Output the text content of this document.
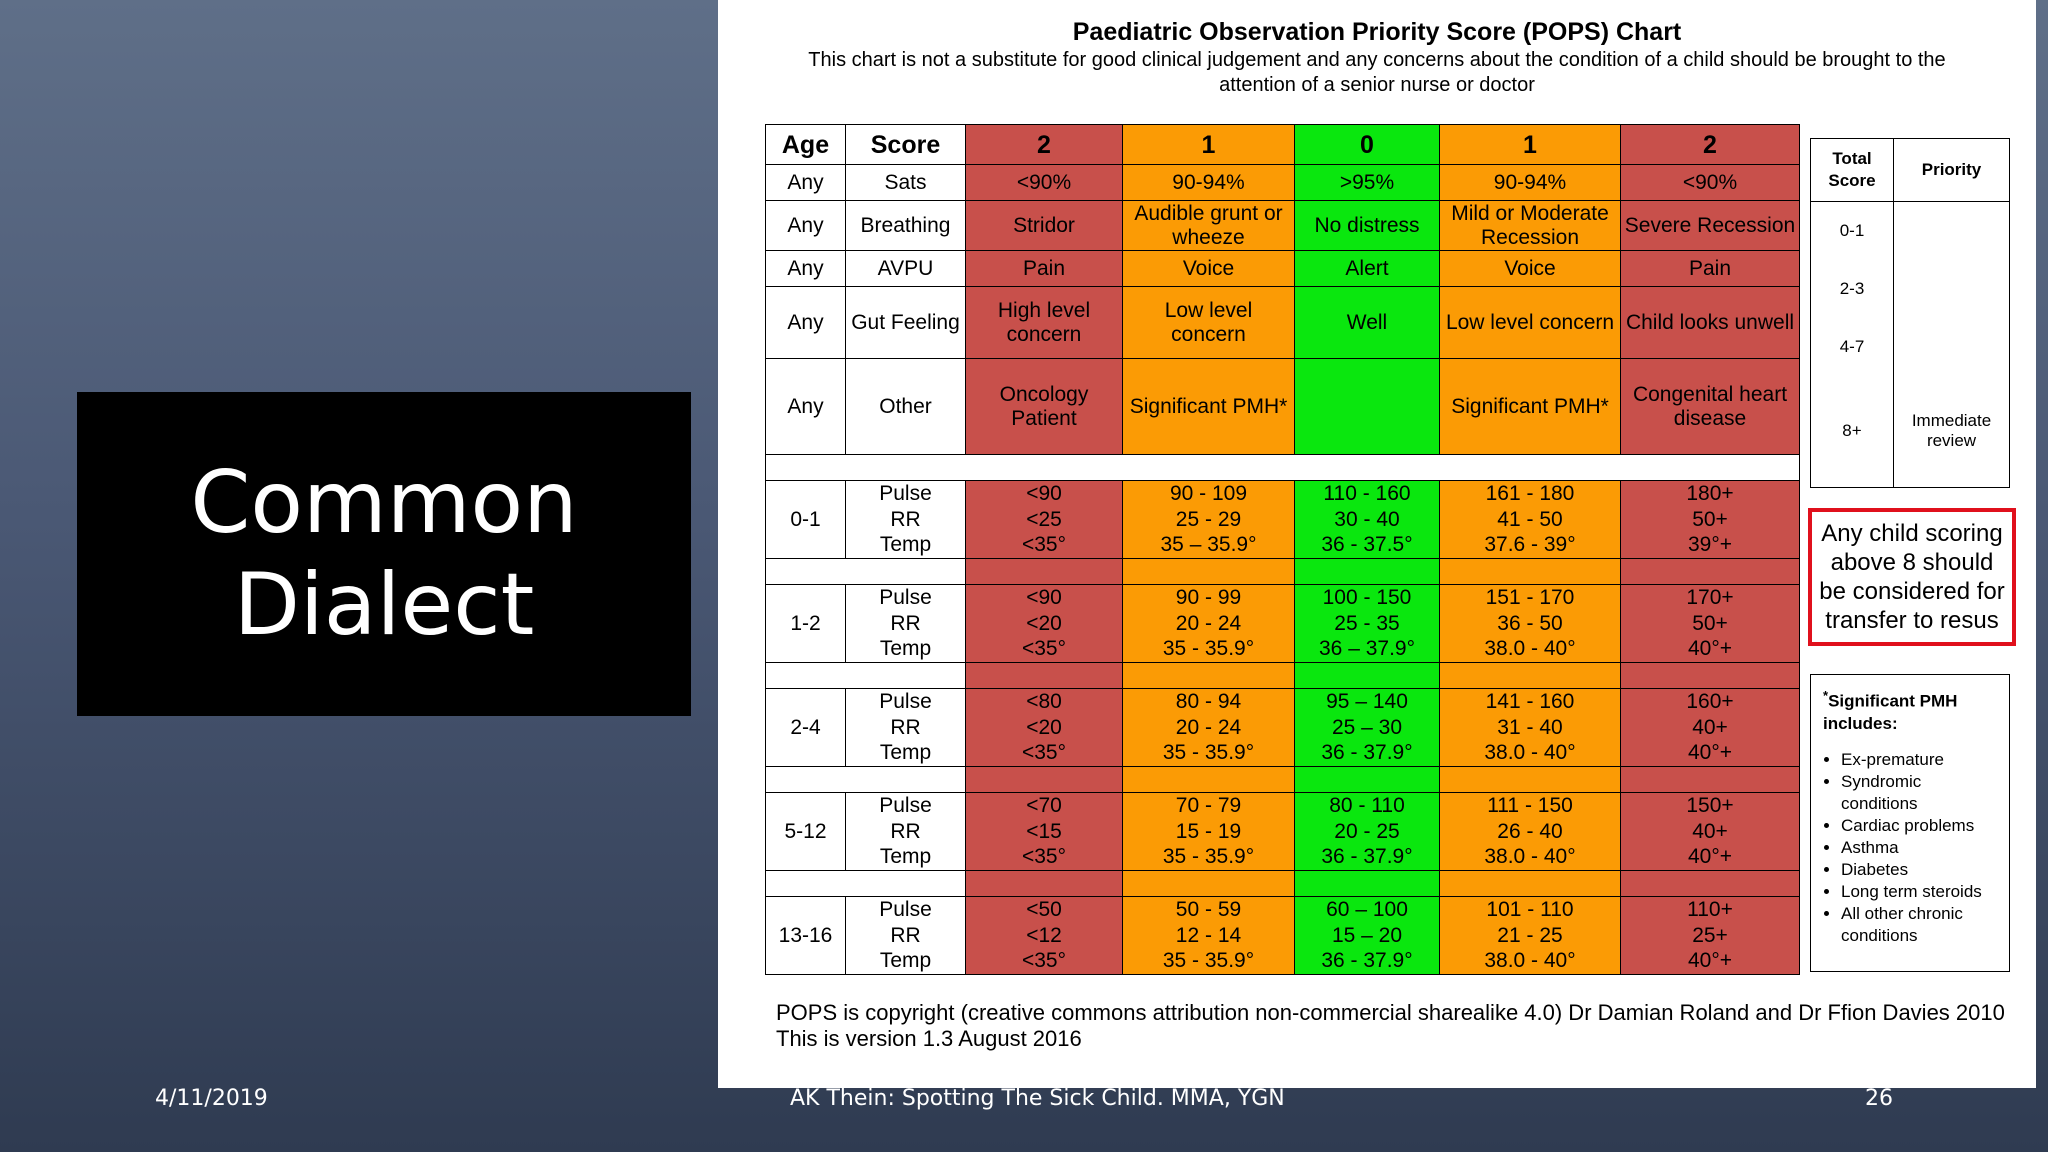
Common
Dialect
Paediatric Observation Priority Score (POPS) Chart
This chart is not a substitute for good clinical judgement and any concerns about the condition of a child should be brought to the attention of a senior nurse or doctor
Age	Score	2	1	0	1	2
Any	Sats	<90%	90-94%	>95%	90-94%	<90%
Any	Breathing	Stridor	Audible grunt or wheeze	No distress	Mild or Moderate Recession	Severe Recession
Any	AVPU	Pain	Voice	Alert	Voice	Pain
Any	Gut Feeling	High level concern	Low level concern	Well	Low level concern	Child looks unwell
Any	Other	Oncology Patient	Significant PMH*		Significant PMH*	Congenital heart disease

0-1	Pulse	<90	90 - 109	110 - 160	161 - 180	180+
	RR	<25	25 - 29	30 - 40	41 - 50	50+
	Temp	<35°	35 – 35.9°	36 - 37.5°	37.6 - 39°	39°+

1-2	Pulse	<90	90 - 99	100 - 150	151 - 170	170+
	RR	<20	20 - 24	25 - 35	36 - 50	50+
	Temp	<35°	35 - 35.9°	36 – 37.9°	38.0 - 40°	40°+

2-4	Pulse	<80	80 - 94	95 – 140	141 - 160	160+
	RR	<20	20 - 24	25 – 30	31 - 40	40+
	Temp	<35°	35 - 35.9°	36 - 37.9°	38.0 - 40°	40°+

5-12	Pulse	<70	70 - 79	80 - 110	111 - 150	150+
	RR	<15	15 - 19	20 - 25	26 - 40	40+
	Temp	<35°	35 - 35.9°	36 - 37.9°	38.0 - 40°	40°+

13-16	Pulse	<50	50 - 59	60 – 100	101 - 110	110+
	RR	<12	12 - 14	15 – 20	21 - 25	25+
	Temp	<35°	35 - 35.9°	36 - 37.9°	38.0 - 40°	40°+
Total Score	Priority
0-1	
2-3	
4-7	
8+	Immediate review
Any child scoring above 8 should be considered for transfer to resus
*Significant PMH includes:
• Ex-premature
• Syndromic conditions
• Cardiac problems
• Asthma
• Diabetes
• Long term steroids
• All other chronic conditions
POPS is copyright (creative commons attribution non-commercial sharealike 4.0) Dr Damian Roland and Dr Ffion Davies 2010
This is version 1.3 August 2016
4/11/2019	AK Thein: Spotting The Sick Child. MMA, YGN	26
